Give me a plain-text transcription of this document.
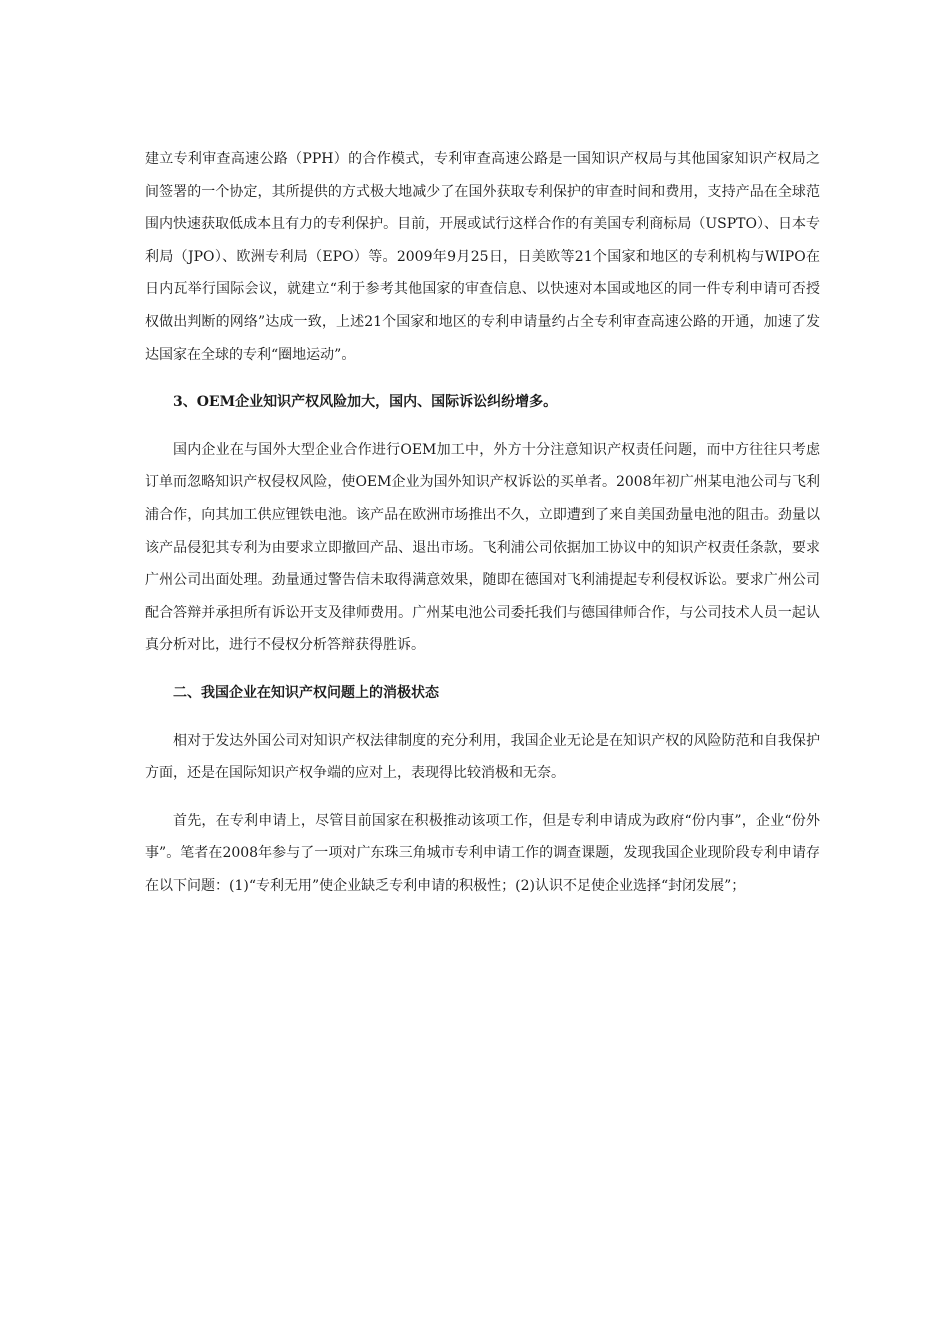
建立专利审查高速公路（PPH）的合作模式，专利审查高速公路是一国知识产权局与其他国家知识产权局之间签署的一个协定，其所提供的方式极大地减少了在国外获取专利保护的审查时间和费用，支持产品在全球范围内快速获取低成本且有力的专利保护。目前，开展或试行这样合作的有美国专利商标局（USPTO）、日本专利局（JPO）、欧洲专利局（EPO）等。2009年9月25日，日美欧等21个国家和地区的专利机构与WIPO在日内瓦举行国际会议，就建立“利于参考其他国家的审查信息、以快速对本国或地区的同一件专利申请可否授权做出判断的网络”达成一致，上述21个国家和地区的专利申请量约占全专利审查高速公路的开通，加速了发达国家在全球的专利“圈地运动”。

3、OEM企业知识产权风险加大，国内、国际诉讼纠纷增多。

国内企业在与国外大型企业合作进行OEM加工中，外方十分注意知识产权责任问题，而中方往往只考虑订单而忽略知识产权侵权风险，使OEM企业为国外知识产权诉讼的买单者。2008年初广州某电池公司与飞利浦合作，向其加工供应锂铁电池。该产品在欧洲市场推出不久，立即遭到了来自美国劲量电池的阻击。劲量以该产品侵犯其专利为由要求立即撤回产品、退出市场。飞利浦公司依据加工协议中的知识产权责任条款，要求广州公司出面处理。劲量通过警告信未取得满意效果，随即在德国对飞利浦提起专利侵权诉讼。要求广州公司配合答辩并承担所有诉讼开支及律师费用。广州某电池公司委托我们与德国律师合作，与公司技术人员一起认真分析对比，进行不侵权分析答辩获得胜诉。

二、我国企业在知识产权问题上的消极状态

相对于发达外国公司对知识产权法律制度的充分利用，我国企业无论是在知识产权的风险防范和自我保护方面，还是在国际知识产权争端的应对上，表现得比较消极和无奈。

首先，在专利申请上，尽管目前国家在积极推动该项工作，但是专利申请成为政府“份内事”，企业“份外事”。笔者在2008年参与了一项对广东珠三角城市专利申请工作的调查课题，发现我国企业现阶段专利申请存在以下问题：(1)“专利无用”使企业缺乏专利申请的积极性；(2)认识不足使企业选择“封闭发展”；
